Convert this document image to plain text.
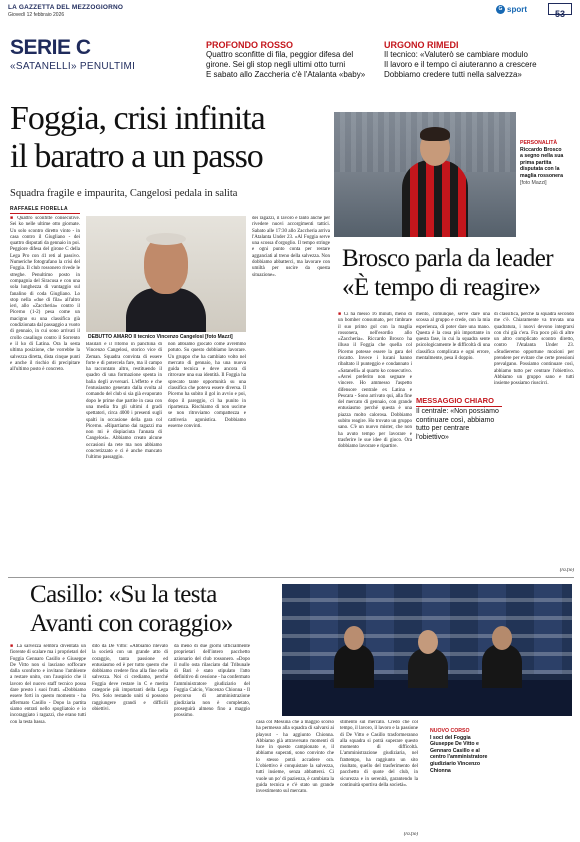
LA GAZZETTA DEL MEZZOGIORNO
Giovedì 12 febbraio 2026
G sport	53
SERIE C
«SATANELLI» PENULTIMI
PROFONDO ROSSO
Quattro sconfitte di fila, peggior difesa del
girone. Sei gli stop negli ultimi otto turni
E sabato allo Zaccheria c'è l'Atalanta «baby»
URGONO RIMEDI
Il tecnico: «Valuterò se cambiare modulo
Il lavoro e il tempo ci aiuteranno a crescere
Dobbiamo credere tutti nella salvezza»
Foggia, crisi infinita
il baratro a un passo
Squadra fragile e impaurita, Cangelosi pedala in salita
PERSONALITÀ
Riccardo Brosco
a segno nella sua prima partita disputata con la maglia rossonera
[foto Mazzi]
RAFFAELE FIORELLA
■ Quattro sconfitte consecutive. Sei ko nelle ultime otto giornate. Un solo scontro diretto vinto - in casa contro il Giugliano - dei quattro disputati da gennaio in poi. Peggiore difesa del girone C della Lega Pro con 41 reti al passivo. Numeriche fotografano la crisi del Foggia. Il club rossonero rivede le streghe. Penultimo posto in compagnia del Siracusa e con una sola lunghezza di vantaggio sul fanalino di coda Giugliano. Lo stop nella «due di fila» all'altro ieri, allo «Zaccheria» contro il Picerno (1-2) pesa come un macigno su una classifica già condizionata dal passaggio a vuoto di gennaio, in cui sono arrivati il crollo casalingo contro il Sorrento e il ko di Latina. Ora la sesta ultima posizione, che vorrebbe la salvezza diretta, dista cinque punti e anche il rischio di precipitare all'ultimo posto è concreto.
DEBUTTO AMARO Il tecnico Vincenzo Cangelosi [foto Mazzi]
Basilari e il ritorno in panchina di Vincenzo Cangelosi, storico vice di Zeman. Squadra convinta di essere forte e di potercela fare, ma il campo ha raccontato altro, restituendo il quadro di una formazione spenta in balia degli avversari. L'effetto e che l'entusiasmo generato dalla svolta al comando del club si sia già evaporato dopo le prime due partite in casa con una media fra gli ultimi 4 gradi spettatori, circa 4000 i presenti sugli spalti in occasione della gara col Picerno. «Ripartiamo dai ragazzi ma non mi è dispiaciuta l'annata di Cangelosi». Abbiamo creato alcune occasioni da rete ma non abbiamo concretizzato e ci è anche mancato l'ultimo passaggio.
non abbiamo giocato come avremmo potuto. Su questo dobbiamo lavorare. Un gruppo che ha cambiato volto nel mercato di gennaio, ha una nuova guida tecnica e deve ancora di ritrovare una sua identità. Il Foggia ha sprecato tante opportunità su una classifica che poteva essere diversa. Il Picerno ha subito il gol in avvio e poi, dopo il pareggio, ci ha punito in ripartenza. Rischiamo di non uscirne se non ritroviamo compattezza e cattiveria agonistica. Dobbiamo esserne convinti.
dei ragazzi, il lavoro è tanto anche per rivedere nuovi accorgimenti tattici. Sabato alle 17:30 allo Zaccheria arriva l'Atalanta Under 23. «Al Foggia serve una scossa d'orgoglio. Il tempo stringe e ogni punto conta per restare agganciati al treno della salvezza. Non dobbiamo abbatterci, ma lavorare con umiltà per uscire da questa situazione».
Brosco parla da leader
«È tempo di reagire»
■ Ci ha messo 16 minuti, meno di un bomber consumato, per timbrare il suo primo gol con la maglia rossonera, nell'esordio allo «Zaccheria». Riccardo Brosco ha illuso il Foggia che quella col Picerno potesse essere la gara del riscatto. Invece i lucani hanno ribaltato il punteggio e condannato i «Satanelli» al quarto ko consecutivo. «Avrei preferito non segnare e vincere. Ho ammesso l'aspetto difensore centrale ex Latina e Pescara - Sono arrivato qui, alla fine del mercato di gennaio, con grande entusiasmo perché questa è una piazza molto calorosa. Dobbiamo subito reagire. Ho trovato un gruppo sano. C'è un nuovo mister, che non ha avuto tempo per lavorare e trasferire le sue idee di gioco. Ora dobbiamo lavorare e ripartire.
mento, comunque, serve dare una scossa al gruppo e crede, con la mia esperienza, di poter dare una mano. Questa è la cosa più importante in questa fase, in cui la squadra sente psicologicamente le difficoltà di una classifica complicata e ogni errore, mentalmente, pesa il doppio.
MESSAGGIO CHIARO
Il centrale: «Non possiamo continuare così, abbiamo tutto per centrare l'obiettivo»
di classifica, perché la squadra secondo me c'è. Chiaramente va trovata una quadratura, i nuovi devono integrarsi con chi già c'era. Fra poco più di altre un altro complicato scontro diretto, contro l'Atalanta Under 23. «Studieremo opportune mozioni per prendere per evitare che certe pressioni prevalgano. Possiamo continuare così, abbiamo tutto per centrare l'obiettivo. Abbiamo un gruppo sano e tutti insieme possiamo riuscirci.
(ra.fio)
Casillo: «Su la testa
Avanti con coraggio»
■ La salvezza sembra diventata un fiorente di scalare ma i proprietari del Foggia Gennaro Casillo e Giuseppe De Vitto non si lasciano soffocare dalla sconforto e invitano l'ambiente a restare unito, con l'auspicio che il lavoro del nuovo staff tecnico possa dare presto i suoi frutti. «Dobbiamo essere forti in questo momento - ha affermato Casillo - Dopo la partita siamo entrati nello spogliatoio e io incoraggiato i ragazzi, che erano tutti con la testa bassa.
dito da De Vitto: «Abbiamo rilevato la società con un grande atto di coraggio, tanta passione ed entusiasmo ed è per tutto questo che dobbiamo credere fino alla fine nella salvezza. Noi ci crediamo, perché Foggia deve restare in C e merita categorie più importanti della Lega Pro. Solo restando uniti si possono raggiungere grandi e difficili obiettivi.
da meno di due giorni ufficialmente proprietari dell'intero pacchetto azionario del club rossonero. «Dopo il nullo osta rilasciato dal Tribunale di Bari è stato stipulato l'atto definitivo di cessione - ha confermato l'amministratore giudiziario del Foggia Calcio, Vincenzo Chionna - Il percorso di amministrazione giudiziaria non è completato, proseguirà almeno fino a maggio prossimo.
casa col Messina che a maggio scorso ha permesso alla squadra di salvarsi ai playout - ha aggiunto Chionna. Abbiamo già attraversato momenti di luce in questo campionato e, il abbiamo superati, sono convinto che lo stesso potrà accadere ora. L'obiettivo è conquistare la salvezza, tutti insieme, senza abbattersi. Ci vuole un po' di pazienza, è cambiata la guida tecnica e c'è stato un grande investimento sul mercato.
stimento sul mercato. Credo che col tempo, il lavoro, il lavoro e la passione di De Vitto e Casillo trasformeranno alla squadra si potrà superare questo momento di difficoltà. L'amministrazione giudiziaria, nel frattempo, ha raggiunto un sito risultato, quello del trasferimento del pacchetto di quote del club, in sicurezza e in serenità, garantendo la continuità sportiva della società».
(ra.fio)
NUOVO CORSO
I soci del Foggia Giuseppe De Vitto e Gennaro Casillo e al centro l'amministratore giudiziario Vincenzo Chionna
